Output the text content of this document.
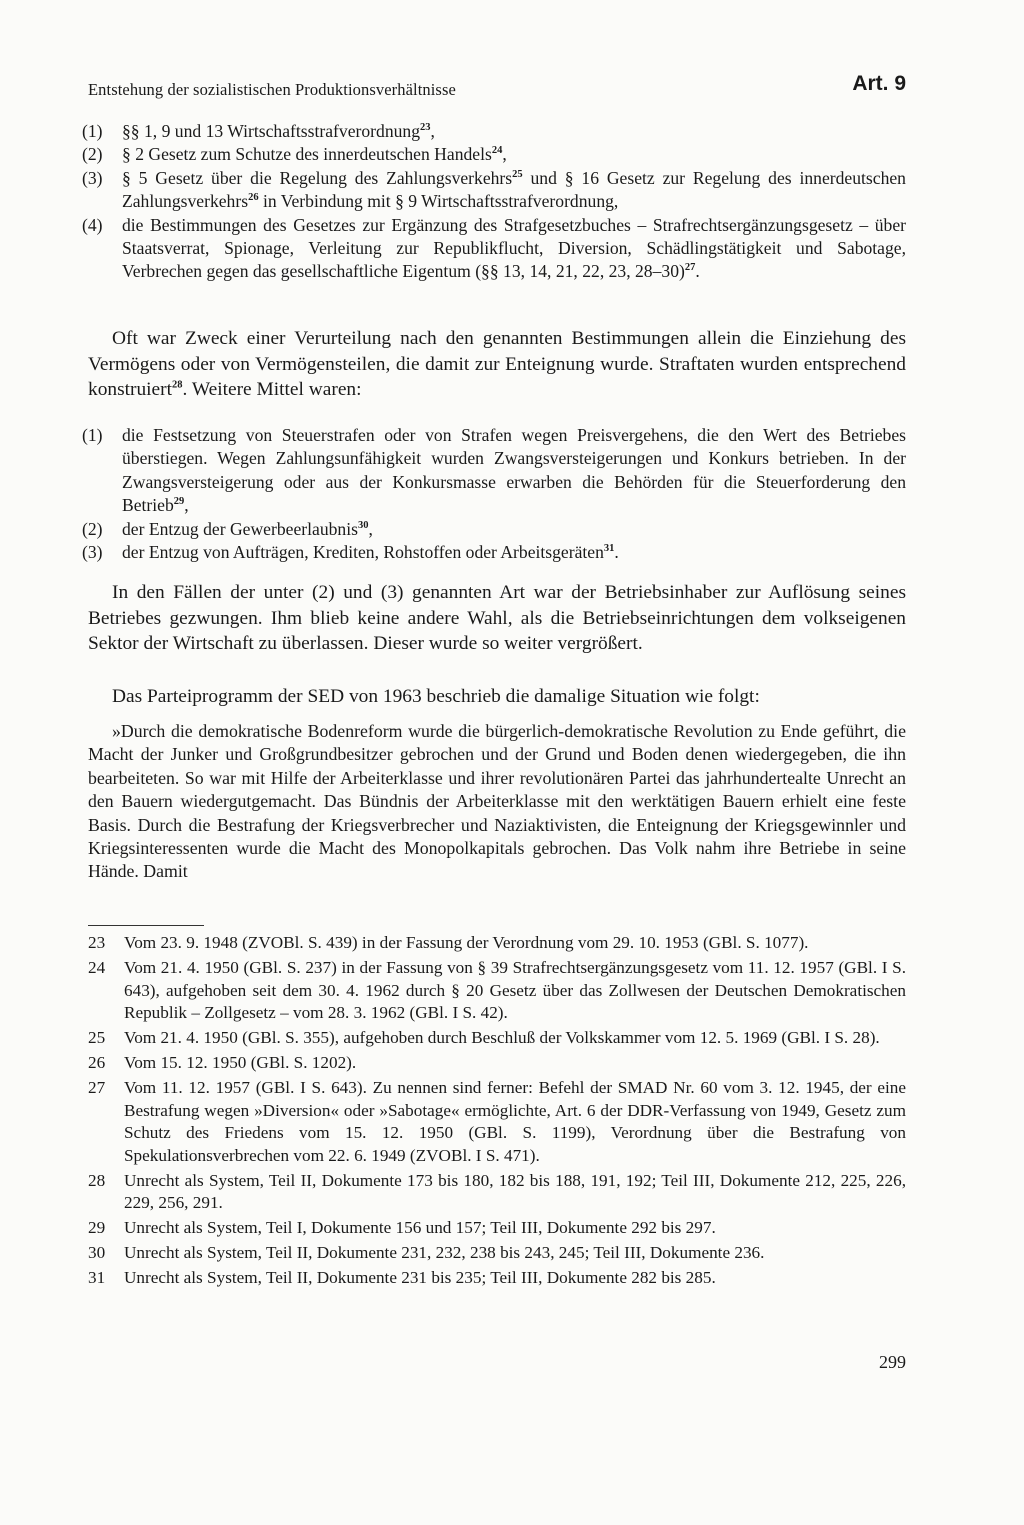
Entstehung der sozialistischen Produktionsverhältnisse	Art. 9
(1) §§ 1, 9 und 13 Wirtschaftsstrafverordnung$^{23}$,
(2) § 2 Gesetz zum Schutze des innerdeutschen Handels$^{24}$,
(3) § 5 Gesetz über die Regelung des Zahlungsverkehrs$^{25}$ und § 16 Gesetz zur Regelung des innerdeutschen Zahlungsverkehrs$^{26}$ in Verbindung mit § 9 Wirtschaftsstrafverordnung,
(4) die Bestimmungen des Gesetzes zur Ergänzung des Strafgesetzbuches – Strafrechtsergänzungsgesetz – über Staatsverrat, Spionage, Verleitung zur Republikflucht, Diversion, Schädlingstätigkeit und Sabotage, Verbrechen gegen das gesellschaftliche Eigentum (§§ 13, 14, 21, 22, 23, 28–30)$^{27}$.

Oft war Zweck einer Verurteilung nach den genannten Bestimmungen allein die Einziehung des Vermögens oder von Vermögensteilen, die damit zur Enteignung wurde. Straftaten wurden entsprechend konstruiert$^{28}$. Weitere Mittel waren:

(1) die Festsetzung von Steuerstrafen oder von Strafen wegen Preisvergehens, die den Wert des Betriebes überstiegen. Wegen Zahlungsunfähigkeit wurden Zwangsversteigerungen und Konkurs betrieben. In der Zwangsversteigerung oder aus der Konkursmasse erwarben die Behörden für die Steuerforderung den Betrieb$^{29}$,
(2) der Entzug der Gewerbeerlaubnis$^{30}$,
(3) der Entzug von Aufträgen, Krediten, Rohstoffen oder Arbeitsgeräten$^{31}$.

In den Fällen der unter (2) und (3) genannten Art war der Betriebsinhaber zur Auflösung seines Betriebes gezwungen. Ihm blieb keine andere Wahl, als die Betriebseinrichtungen dem volkseigenen Sektor der Wirtschaft zu überlassen. Dieser wurde so weiter vergrößert.

Das Parteiprogramm der SED von 1963 beschrieb die damalige Situation wie folgt:

»Durch die demokratische Bodenreform wurde die bürgerlich-demokratische Revolution zu Ende geführt, die Macht der Junker und Großgrundbesitzer gebrochen und der Grund und Boden denen wiedergegeben, die ihn bearbeiteten. So war mit Hilfe der Arbeiterklasse und ihrer revolutionären Partei das jahrhundertealte Unrecht an den Bauern wiedergutgemacht. Das Bündnis der Arbeiterklasse mit den werktätigen Bauern erhielt eine feste Basis. Durch die Bestrafung der Kriegsverbrecher und Naziaktivisten, die Enteignung der Kriegsgewinnler und Kriegsinteressenten wurde die Macht des Monopolkapitals gebrochen. Das Volk nahm ihre Betriebe in seine Hände. Damit

23 Vom 23. 9. 1948 (ZVOBl. S. 439) in der Fassung der Verordnung vom 29. 10. 1953 (GBl. S. 1077).
24 Vom 21. 4. 1950 (GBl. S. 237) in der Fassung von § 39 Strafrechtsergänzungsgesetz vom 11. 12. 1957 (GBl. I S. 643), aufgehoben seit dem 30. 4. 1962 durch § 20 Gesetz über das Zollwesen der Deutschen Demokratischen Republik – Zollgesetz – vom 28. 3. 1962 (GBl. I S. 42).
25 Vom 21. 4. 1950 (GBl. S. 355), aufgehoben durch Beschluß der Volkskammer vom 12. 5. 1969 (GBl. I S. 28).
26 Vom 15. 12. 1950 (GBl. S. 1202).
27 Vom 11. 12. 1957 (GBl. I S. 643). Zu nennen sind ferner: Befehl der SMAD Nr. 60 vom 3. 12. 1945, der eine Bestrafung wegen »Diversion« oder »Sabotage« ermöglichte, Art. 6 der DDR-Verfassung von 1949, Gesetz zum Schutz des Friedens vom 15. 12. 1950 (GBl. S. 1199), Verordnung über die Bestrafung von Spekulationsverbrechen vom 22. 6. 1949 (ZVOBl. I S. 471).
28 Unrecht als System, Teil II, Dokumente 173 bis 180, 182 bis 188, 191, 192; Teil III, Dokumente 212, 225, 226, 229, 256, 291.
29 Unrecht als System, Teil I, Dokumente 156 und 157; Teil III, Dokumente 292 bis 297.
30 Unrecht als System, Teil II, Dokumente 231, 232, 238 bis 243, 245; Teil III, Dokumente 236.
31 Unrecht als System, Teil II, Dokumente 231 bis 235; Teil III, Dokumente 282 bis 285.
299
